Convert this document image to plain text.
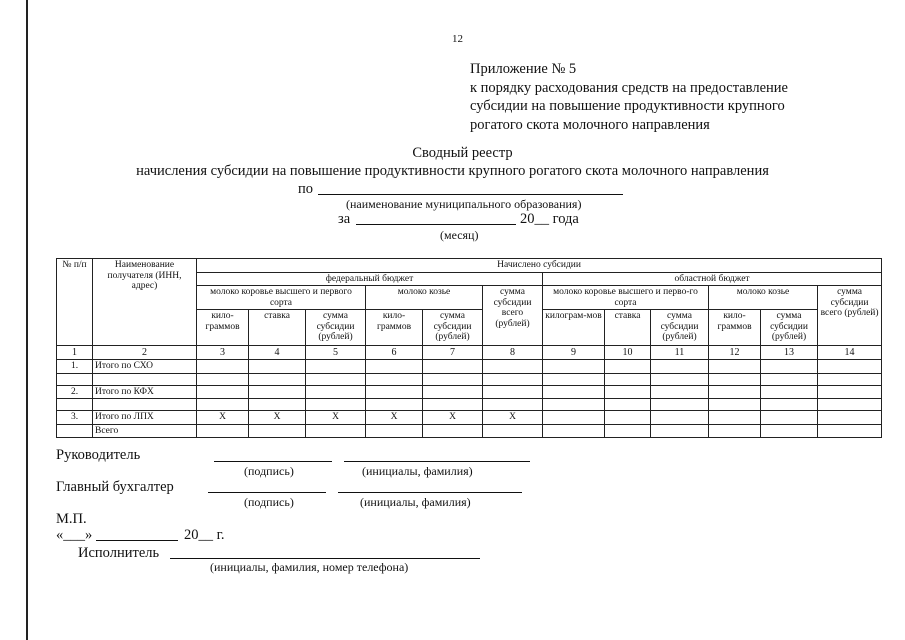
12
Приложение № 5
к порядку расходования средств на предоставление
субсидии на повышение продуктивности крупного
рогатого скота молочного направления
Сводный реестр
начисления субсидии на повышение продуктивности крупного рогатого скота молочного направления
по
(наименование муниципального образования)
за	20__ года
(месяц)
№ п/п	Наименование получателя (ИНН, адрес)	Начислено субсидии											
		федеральный бюджет						областной бюджет					
		молоко коровье высшего и первого сорта			молоко козье		сумма субсидии всего (рублей)	молоко коровье высшего и перво-го сорта			молоко козье		сумма субсидии всего (рублей)
		кило-граммов	ставка	сумма субсидии (рублей)	кило-граммов	сумма субсидии (рублей)		килограм-мов	ставка	сумма субсидии (рублей)	кило-граммов	сумма субсидии (рублей)	
1	2	3	4	5	6	7	8	9	10	11	12	13	14
1.	Итого по СХО												

2.	Итого по КФХ												

3.	Итого по ЛПХ	Х	Х	Х	Х	Х	Х						
	Всего												
Руководитель
(подпись)	(инициалы, фамилия)
Главный бухгалтер
(подпись)	(инициалы, фамилия)
М.П.
«___»	20__ г.
Исполнитель
(инициалы, фамилия, номер телефона)
